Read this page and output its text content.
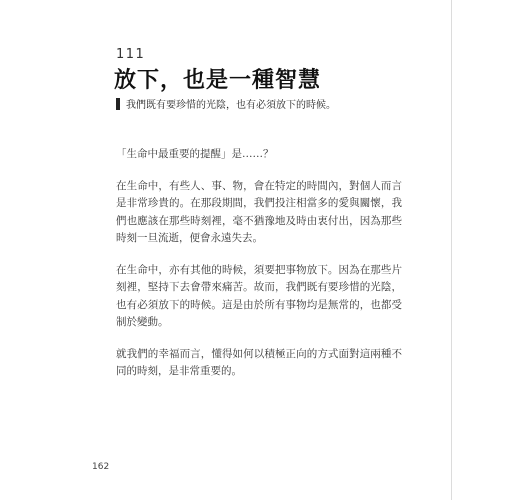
111
放下，也是一種智慧
我們既有要珍惜的光陰，也有必須放下的時候。

「生命中最重要的提醒」是……？

在生命中，有些人、事、物，會在特定的時間內，對個人而言是非常珍貴的。在那段期間，我們投注相當多的愛與關懷，我們也應該在那些時刻裡，毫不猶豫地及時由衷付出，因為那些時刻一旦流逝，便會永遠失去。

在生命中，亦有其他的時候，須要把事物放下。因為在那些片刻裡，堅持下去會帶來痛苦。故而，我們既有要珍惜的光陰，也有必須放下的時候。這是由於所有事物均是無常的，也都受制於變動。

就我們的幸福而言，懂得如何以積極正向的方式面對這兩種不同的時刻，是非常重要的。

162
